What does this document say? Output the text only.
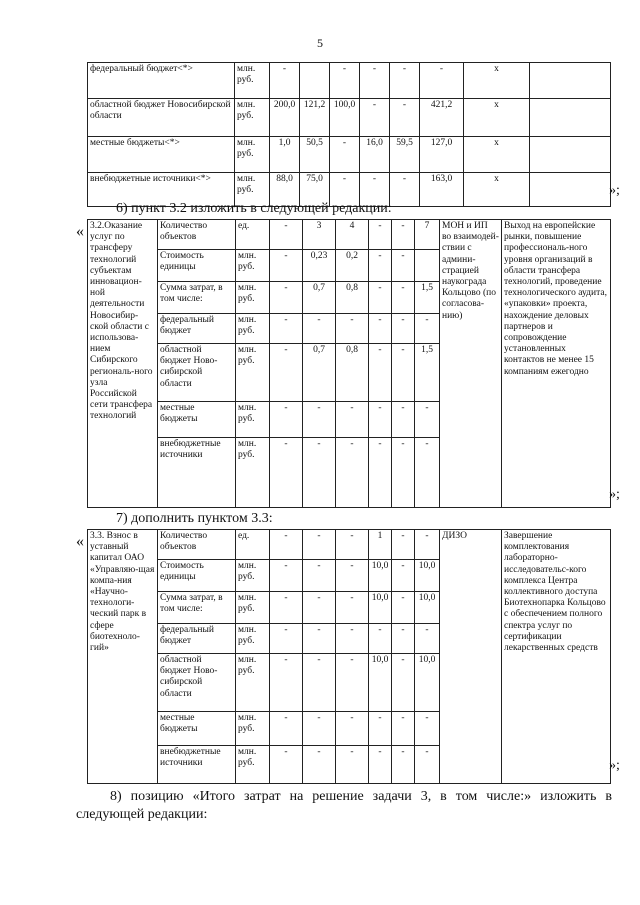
5
федеральный бюджет<*>	млн. руб.	-		-	-	-	-	x	
областной бюджет Новосибирской области	млн. руб.	200,0	121,2	100,0	-	-	421,2	x	
местные бюджеты<*>	млн. руб.	1,0	50,5	-	16,0	59,5	127,0	x	
внебюджетные источники<*>	млн. руб.	88,0	75,0	-	-	-	163,0	x	
»;
6) пункт 3.2 изложить в следующей редакции:
« 3.2.Оказание услуг по трансферу технологий субъектам инновацион-ной деятельности Новосибир-ской области с использова-нием Сибирского региональ-ного узла Российской сети трансфера технологий	Количество объектов	ед.	-	3	4	-	-	7	МОН и ИП во взаимодей-ствии с админи-страцией наукограда Кольцово (по согласова-нию)	Выход на европейские рынки, повышение профессиональ-ного уровня организаций в области трансфера технологий, проведение технологического аудита, «упаковки» проекта, нахождение деловых партнеров и сопровождение установленных контактов не менее 15 компаниям ежегодно
	Стоимость единицы	млн. руб.	-	0,23	0,2	-	-			
	Сумма затрат, в том числе:	млн. руб.	-	0,7	0,8	-	-	1,5		
	федеральный бюджет	млн. руб.	-	-	-	-	-	-		
	областной бюджет Ново-сибирской области	млн. руб.	-	0,7	0,8	-	-	1,5		
	местные бюджеты	млн. руб.	-	-	-	-	-	-		
	внебюджетные источники	млн. руб.	-	-	-	-	-	-		
»;
7) дополнить пунктом 3.3:
« 3.3. Взнос в уставный капитал ОАО «Управляю-щая компа-ния «Научно-технологи-ческий парк в сфере биотехноло-гий»	Количество объектов	ед.	-	-	-	1	-	-	ДИЗО	Завершение комплектования лабораторно-исследовательс-кого комплекса Центра коллективного доступа Биотехнопарка Кольцово с обеспечением полного спектра услуг по сертификации лекарственных средств
	Стоимость единицы	млн. руб.	-	-	-	10,0	-	10,0		
	Сумма затрат, в том числе:	млн. руб.	-	-	-	10,0	-	10,0		
	федеральный бюджет	млн. руб.	-	-	-	-	-	-		
	областной бюджет Ново-сибирской области	млн. руб.	-	-	-	10,0	-	10,0		
	местные бюджеты	млн. руб.	-	-	-	-	-	-		
	внебюджетные источники	млн. руб.	-	-	-	-	-	-		
»;
8) позицию «Итого затрат на решение задачи 3, в том числе:» изложить в следующей редакции:
